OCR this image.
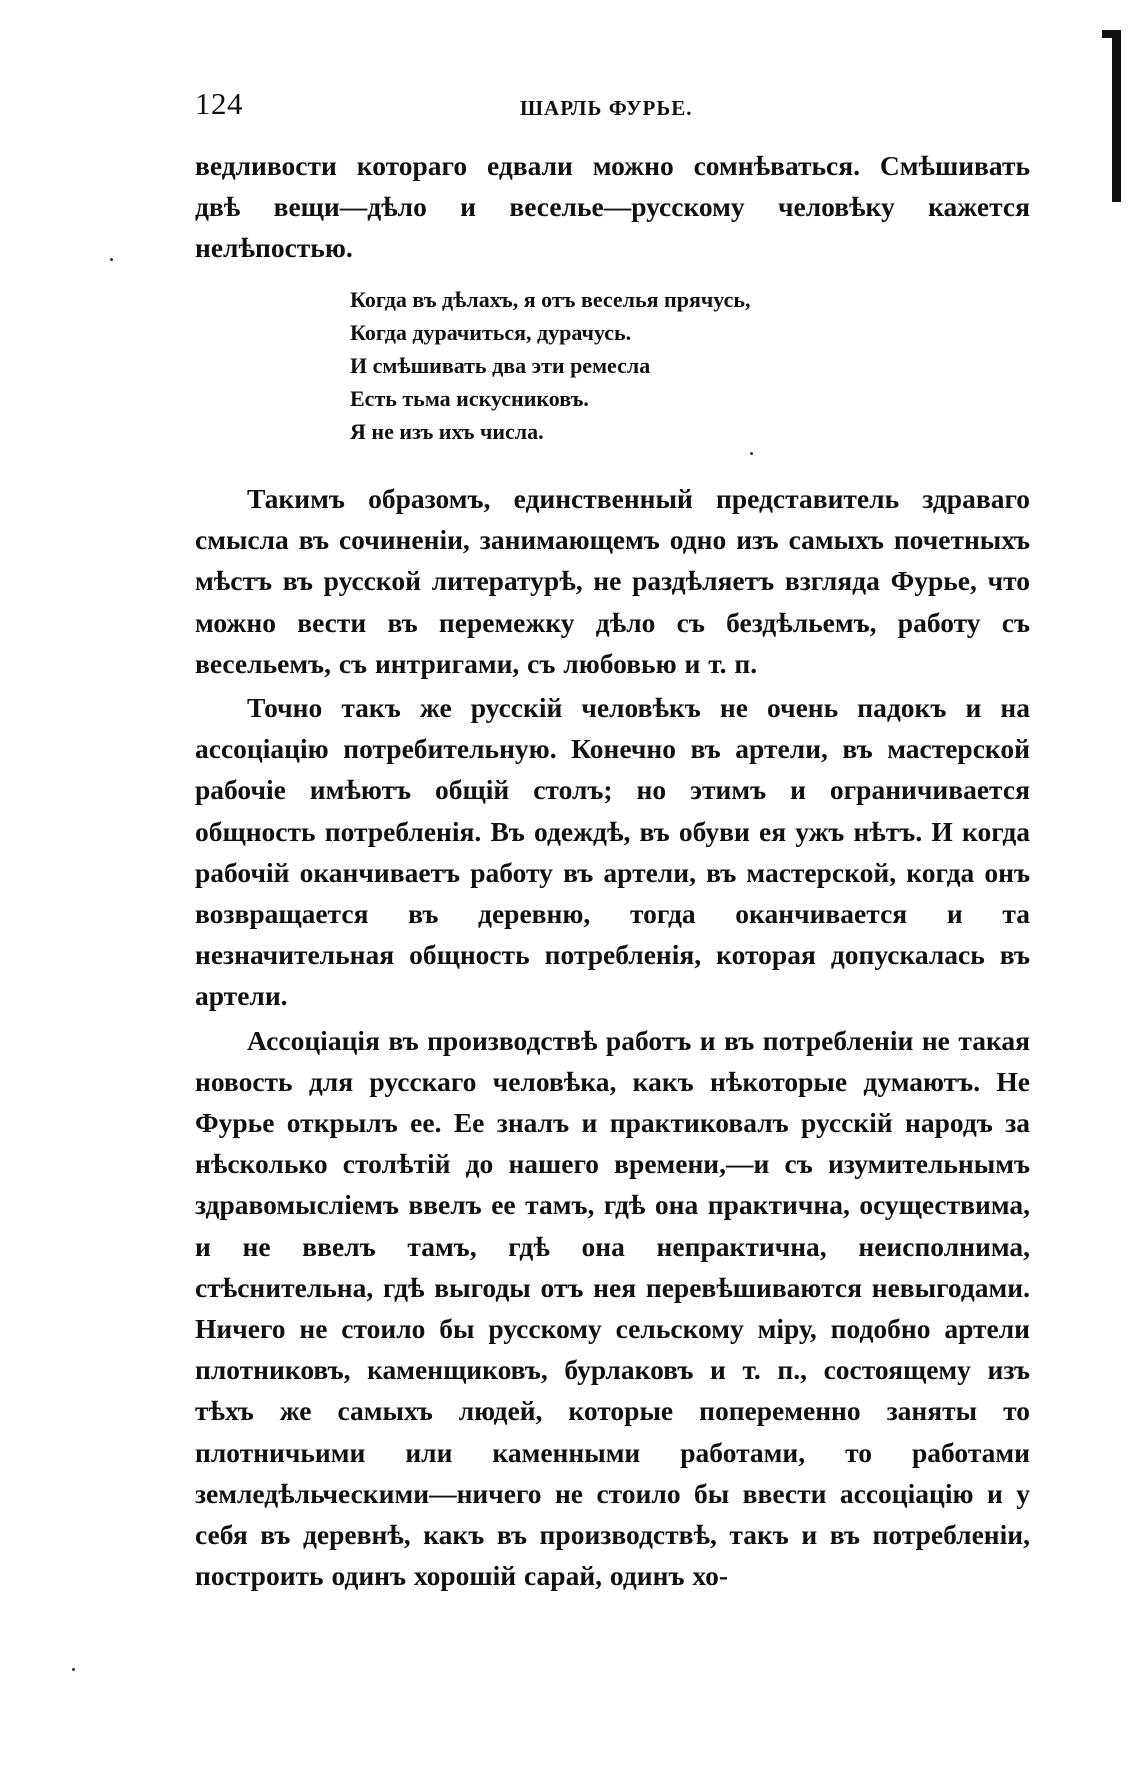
124	ШАРЛЬ ФУРЬЕ.

ведливости котораго едвали можно сомнѣваться. Смѣшивать двѣ вещи—дѣло и веселье—русскому человѣку кажется нелѣпостью.

Когда въ дѣлахъ, я отъ веселья прячусь,
Когда дурачиться, дурачусь.
И смѣшивать два эти ремесла
Есть тьма искусниковъ.
Я не изъ ихъ числа.

Такимъ образомъ, единственный представитель здраваго смысла въ сочиненіи, занимающемъ одно изъ самыхъ почетныхъ мѣстъ въ русской литературѣ, не раздѣляетъ взгляда Фурье, что можно вести въ перемежку дѣло съ бездѣльемъ, работу съ весельемъ, съ интригами, съ любовью и т. п.

Точно такъ же русскій человѣкъ не очень падокъ и на ассоціацію потребительную. Конечно въ артели, въ мастерской рабочіе имѣютъ общій столъ; но этимъ и ограничивается общность потребленія. Въ одеждѣ, въ обуви ея ужъ нѣтъ. И когда рабочій оканчиваетъ работу въ артели, въ мастерской, когда онъ возвращается въ деревню, тогда оканчивается и та незначительная общность потребленія, которая допускалась въ артели.

Ассоціація въ производствѣ работъ и въ потребленіи не такая новость для русскаго человѣка, какъ нѣкоторые думаютъ. Не Фурье открылъ ее. Ее зналъ и практиковалъ русскій народъ за нѣсколько столѣтій до нашего времени,—и съ изумительнымъ здравомысліемъ ввелъ ее тамъ, гдѣ она практична, осуществима, и не ввелъ тамъ, гдѣ она непрактична, неисполнима, стѣснительна, гдѣ выгоды отъ нея перевѣшиваются невыгодами. Ничего не стоило бы русскому сельскому міру, подобно артели плотниковъ, каменщиковъ, бурлаковъ и т. п., состоящему изъ тѣхъ же самыхъ людей, которые попеременно заняты то плотничьими или каменными работами, то работами земледѣльческими—ничего не стоило бы ввести ассоціацію и у себя въ деревнѣ, какъ въ производствѣ, такъ и въ потребленіи, построить одинъ хорошій сарай, одинъ хо-
